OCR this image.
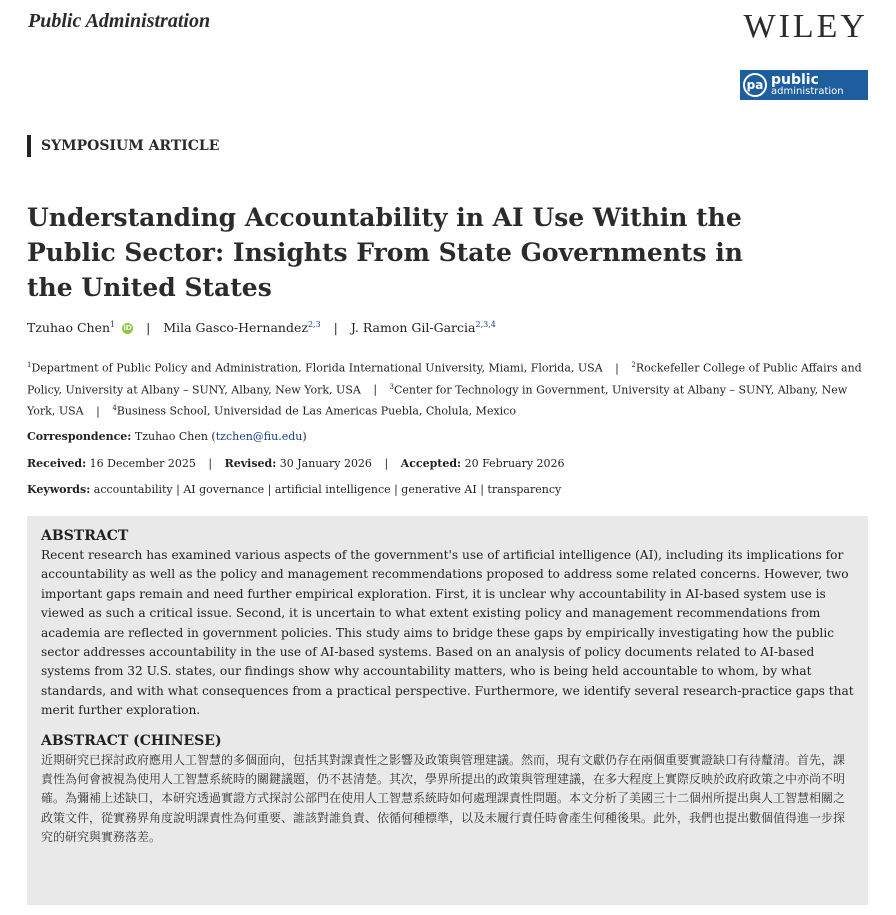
Public Administration	WILEY
pa public
administration
SYMPOSIUM ARTICLE
Understanding Accountability in AI Use Within the Public Sector: Insights From State Governments in the United States
Tzuhao Chen$^1$ iD | Mila Gasco-Hernandez$^{2,3}$ | J. Ramon Gil-Garcia$^{2,3,4}$
$^1$Department of Public Policy and Administration, Florida International University, Miami, Florida, USA | $^2$Rockefeller College of Public Affairs and Policy, University at Albany – SUNY, Albany, New York, USA | $^3$Center for Technology in Government, University at Albany – SUNY, Albany, New York, USA | $^4$Business School, Universidad de Las Americas Puebla, Cholula, Mexico
Correspondence: Tzuhao Chen (tzchen@fiu.edu)
Received: 16 December 2025 | Revised: 30 January 2026 | Accepted: 20 February 2026
Keywords: accountability | AI governance | artificial intelligence | generative AI | transparency
ABSTRACT

Recent research has examined various aspects of the government's use of artificial intelligence (AI), including its implications for accountability as well as the policy and management recommendations proposed to address some related concerns. However, two important gaps remain and need further empirical exploration. First, it is unclear why accountability in AI-based system use is viewed as such a critical issue. Second, it is uncertain to what extent existing policy and management recommendations from academia are reflected in government policies. This study aims to bridge these gaps by empirically investigating how the public sector addresses accountability in the use of AI-based systems. Based on an analysis of policy documents related to AI-based systems from 32 U.S. states, our findings show why accountability matters, who is being held accountable to whom, by what standards, and with what consequences from a practical perspective. Furthermore, we identify several research-practice gaps that merit further exploration.

ABSTRACT (CHINESE)

近期研究已探討政府應用人工智慧的多個面向，包括其對課責性之影響及政策與管理建議。然而，現有文獻仍存在兩個重要實證缺口有待釐清。首先，課責性為何會被視為使用人工智慧系統時的關鍵議題，仍不甚清楚。其次，學界所提出的政策與管理建議，在多大程度上實際反映於政府政策之中亦尚不明確。為彌補上述缺口，本研究透過實證方式探討公部門在使用人工智慧系統時如何處理課責性問題。本文分析了美國三十二個州所提出與人工智慧相關之政策文件，從實務界角度說明課責性為何重要、誰該對誰負責、依循何種標準，以及未履行責任時會產生何種後果。此外，我們也提出數個值得進一步探究的研究與實務落差。
